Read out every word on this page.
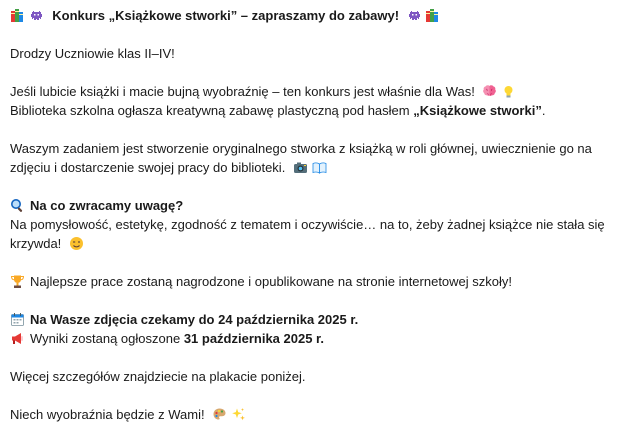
Konkurs „Książkowe stworki” – zapraszamy do zabawy!

Drodzy Uczniowie klas II–IV!
Jeśli lubicie książki i macie bujną wyobraźnię – ten konkurs jest właśnie dla Was!

Biblioteka szkolna ogłasza kreatywną zabawę plastyczną pod hasłem „Książkowe stworki”.
Waszym zadaniem jest stworzenie oryginalnego stworka z książką w roli głównej, uwiecznienie go na zdjęciu i dostarczenie swojej pracy do biblioteki.

Na co zwracamy uwagę?
Na pomysłowość, estetykę, zgodność z tematem i oczywiście… na to, żeby żadnej książce nie stała się krzywda!
Najlepsze prace zostaną nagrodzone i opublikowane na stronie internetowej szkoły!
Na Wasze zdjęcia czekamy do 24 października 2025 r.
Wyniki zostaną ogłoszone 31 października 2025 r.
Więcej szczegółów znajdziecie na plakacie poniżej.
Niech wyobraźnia będzie z Wami!
